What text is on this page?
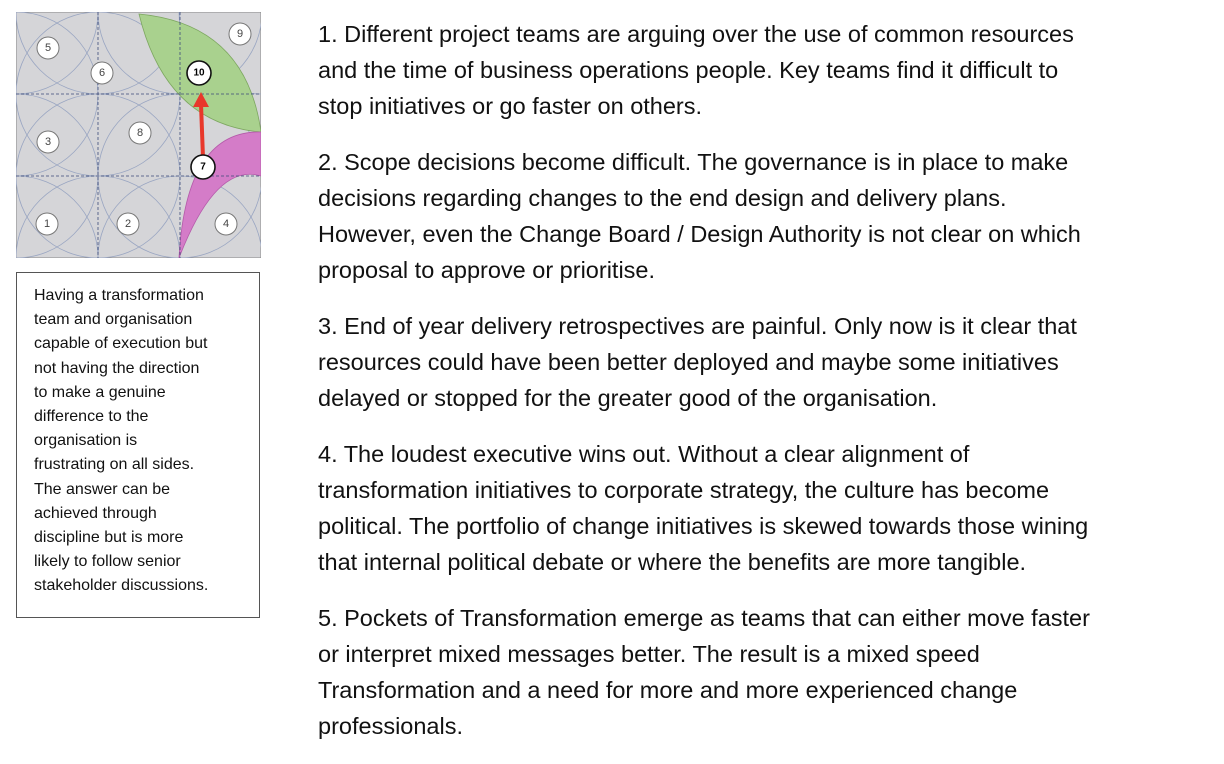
5
6
9
10
3
8
7
1	2	4
Having a transformation
team and organisation
capable of execution but
not having the direction
to make a genuine
difference to the
organisation is
frustrating on all sides.
The answer can be
achieved through
discipline but is more
likely to follow senior
stakeholder discussions.
1. Different project teams are arguing over the use of common resources
and the time of business operations people. Key teams find it difficult to
stop initiatives or go faster on others.
2. Scope decisions become difficult. The governance is in place to make
decisions regarding changes to the end design and delivery plans.
However, even the Change Board / Design Authority is not clear on which
proposal to approve or prioritise.
3. End of year delivery retrospectives are painful. Only now is it clear that
resources could have been better deployed and maybe some initiatives
delayed or stopped for the greater good of the organisation.
4. The loudest executive wins out. Without a clear alignment of
transformation initiatives to corporate strategy, the culture has become
political. The portfolio of change initiatives is skewed towards those wining
that internal political debate or where the benefits are more tangible.
5. Pockets of Transformation emerge as teams that can either move faster
or interpret mixed messages better. The result is a mixed speed
Transformation and a need for more and more experienced change
professionals.
